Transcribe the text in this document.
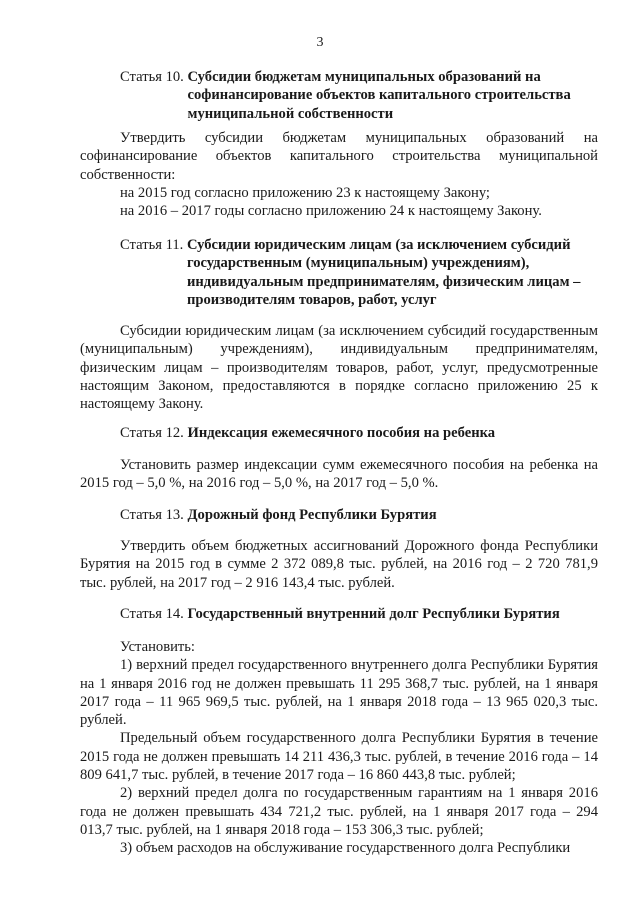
3
Статья 10.
Субсидии бюджетам муниципальных образований на софинансирование объектов капитального строительства муниципальной собственности

Утвердить субсидии бюджетам муниципальных образований на софинансирование объектов капитального строительства муниципальной собственности:

на 2015 год согласно приложению 23 к настоящему Закону;

на 2016 – 2017 годы согласно приложению 24 к настоящему Закону.

Статья 11.
Субсидии юридическим лицам (за исключением субсидий государственным (муниципальным) учреждениям), индивидуальным предпринимателям, физическим лицам – производителям товаров, работ, услуг

Субсидии юридическим лицам (за исключением субсидий государственным (муниципальным) учреждениям), индивидуальным предпринимателям, физическим лицам – производителям товаров, работ, услуг, предусмотренные настоящим Законом, предоставляются в порядке согласно приложению 25 к настоящему Закону.

Статья 12.
Индексация ежемесячного пособия на ребенка

Установить размер индексации сумм ежемесячного пособия на ребенка на 2015 год – 5,0 %, на 2016 год – 5,0 %, на 2017 год – 5,0 %.

Статья 13.
Дорожный фонд Республики Бурятия

Утвердить объем бюджетных ассигнований Дорожного фонда Республики Бурятия на 2015 год в сумме 2 372 089,8 тыс. рублей, на 2016 год – 2 720 781,9 тыс. рублей, на 2017 год – 2 916 143,4 тыс. рублей.

Статья 14.
Государственный внутренний долг Республики Бурятия

Установить:

1) верхний предел государственного внутреннего долга Республики Бурятия на 1 января 2016 год не должен превышать 11 295 368,7 тыс. рублей, на 1 января 2017 года – 11 965 969,5 тыс. рублей, на 1 января 2018 года – 13 965 020,3 тыс. рублей.

Предельный объем государственного долга Республики Бурятия в течение 2015 года не должен превышать 14 211 436,3 тыс. рублей, в течение 2016 года – 14 809 641,7 тыс. рублей, в течение 2017 года – 16 860 443,8 тыс. рублей;

2) верхний предел долга по государственным гарантиям на 1 января 2016 года не должен превышать 434 721,2 тыс. рублей, на 1 января 2017 года – 294 013,7 тыс. рублей, на 1 января 2018 года – 153 306,3 тыс. рублей;

3) объем расходов на обслуживание государственного долга Республики
